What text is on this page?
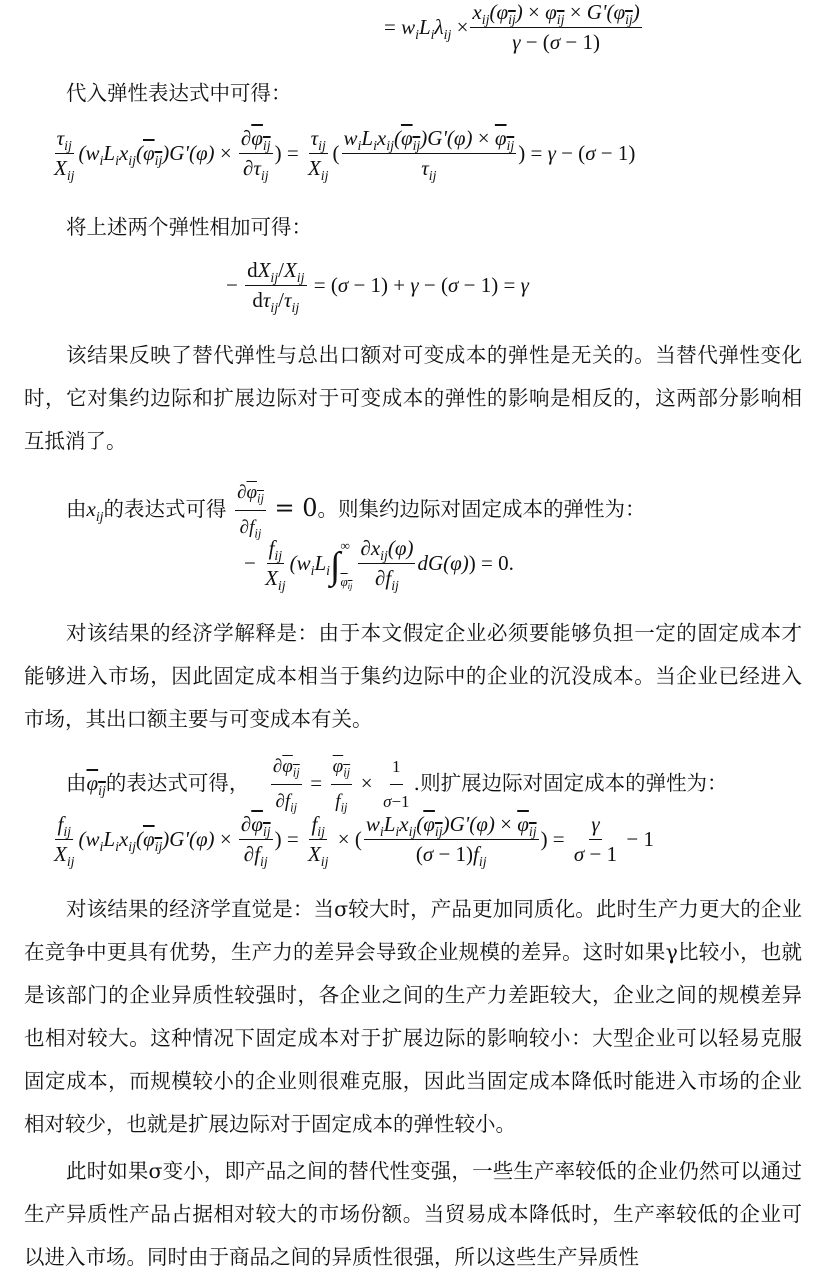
= $w_iL_i\lambda_{ij} \times \frac{x_{ij}(\varphi_{ij}) \times \varphi_{ij} \times G'(\varphi_{ij})}{\gamma - (\sigma - 1)}$
代入弹性表达式中可得：
$\frac{\tau_{ij}}{X_{ij}} (w_iL_ix_{ij}(\varphi_{ij})G'(\varphi) \times \frac{\partial\varphi_{ij}}{\partial\tau_{ij}}$ ) = $\frac{\tau_{ij}}{X_{ij}}$ ( $\frac{w_iL_ix_{ij}(\varphi_{ij})G'(\varphi) \times \varphi_{ij}}{\tau_{ij}}$ ) = γ − ( σ − 1)
将上述两个弹性相加可得：
− $\frac{dX_{ij}/X_{ij}}{d\tau_{ij}/\tau_{ij}}$ = ( σ − 1) + γ − ( σ − 1) = γ
该结果反映了替代弹性与总出口额对可变成本的弹性是无关的。当替代弹性变化时，它对集约边际和扩展边际对于可变成本的弹性的影响是相反的，这两部分影响相互抵消了。
由$x_{ij}$的表达式可得 $\frac{\partial\varphi_{ij}}{\partial f_{ij}} = 0$。则集约边际对固定成本的弹性为：
− $\frac{f_{ij}}{X_{ij}} (w_iL_i$ ∫ ∞
$\varphi_{ij} \frac{\partial x_{ij}(\varphi)}{\partial f_{ij}} dG(\varphi)$ ) = 0.
对该结果的经济学解释是：由于本文假定企业必须要能够负担一定的固定成本才能够进入市场，因此固定成本相当于集约边际中的企业的沉没成本。当企业已经进入市场，其出口额主要与可变成本有关。
由$\varphi_{ij}$的表达式可得， $\frac{\partial\varphi_{ij}}{\partial f_{ij}} = \frac{\varphi_{ij}}{f_{ij}} \times \frac{1}{\sigma-1}$ .则扩展边际对固定成本的弹性为：
$\frac{f_{ij}}{X_{ij}} (w_iL_ix_{ij}(\varphi_{ij})G'(\varphi) \times \frac{\partial\varphi_{ij}}{\partial f_{ij}}$ ) = $\frac{f_{ij}}{X_{ij}}$ × ( $\frac{w_iL_ix_{ij}(\varphi_{ij})G'(\varphi) \times \varphi_{ij}}{(\sigma - 1)f_{ij}}$ ) = $\frac{\gamma}{\sigma - 1} - 1$
对该结果的经济学直觉是：当σ较大时，产品更加同质化。此时生产力更大的企业在竞争中更具有优势，生产力的差异会导致企业规模的差异。这时如果γ比较小，也就是该部门的企业异质性较强时，各企业之间的生产力差距较大，企业之间的规模差异也相对较大。这种情况下固定成本对于扩展边际的影响较小：大型企业可以轻易克服固定成本，而规模较小的企业则很难克服，因此当固定成本降低时能进入市场的企业相对较少，也就是扩展边际对于固定成本的弹性较小。
此时如果σ变小，即产品之间的替代性变强，一些生产率较低的企业仍然可以通过生产异质性产品占据相对较大的市场份额。当贸易成本降低时，生产率较低的企业可以进入市场。同时由于商品之间的异质性很强，所以这些生产异质性
